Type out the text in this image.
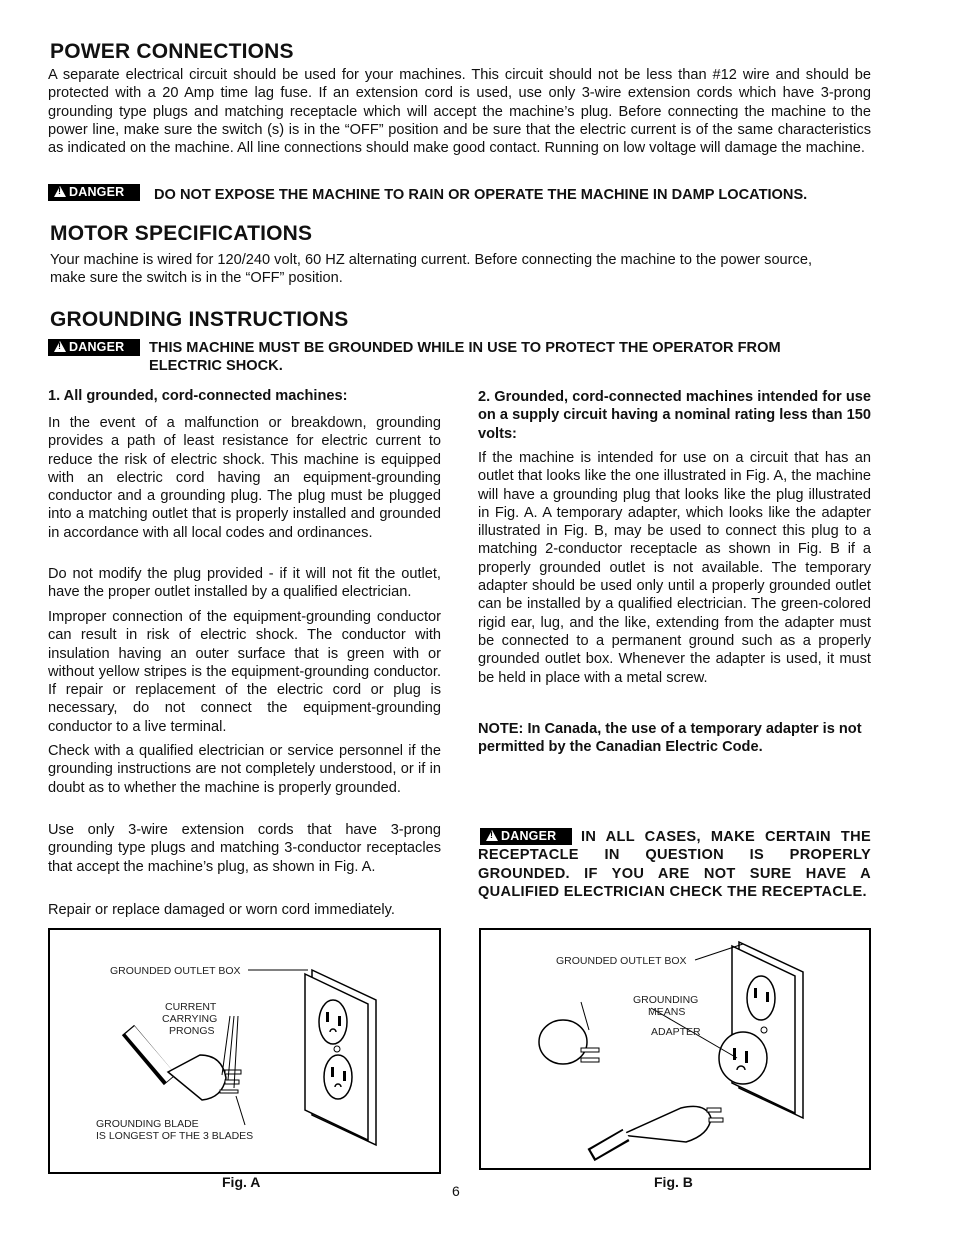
POWER CONNECTIONS

A separate electrical circuit should be used for your machines. This circuit should not be less than #12 wire and should be protected with a 20 Amp time lag fuse. If an extension cord is used, use only 3-wire extension cords which have 3-prong grounding type plugs and matching receptacle which will accept the machine’s plug. Before connecting the machine to the power line, make sure the switch (s) is in the “OFF” position and be sure that the electric current is of the same characteristics as indicated on the machine. All line connections should make good contact. Running on low voltage will damage the machine.

!DANGER	DO NOT EXPOSE THE MACHINE TO RAIN OR OPERATE THE MACHINE IN DAMP LOCATIONS.

MOTOR SPECIFICATIONS

Your machine is wired for 120/240 volt, 60 HZ alternating current. Before connecting the machine to the power source, make sure the switch is in the “OFF” position.

GROUNDING INSTRUCTIONS
!DANGER	THIS MACHINE MUST BE GROUNDED WHILE IN USE TO PROTECT THE OPERATOR FROM ELECTRIC SHOCK.

1. All grounded, cord-connected machines:

In the event of a malfunction or breakdown, grounding provides a path of least resistance for electric current to reduce the risk of electric shock. This machine is equipped with an electric cord having an equipment-grounding conductor and a grounding plug. The plug must be plugged into a matching outlet that is properly installed and grounded in accordance with all local codes and ordinances.

Do not modify the plug provided - if it will not fit the outlet, have the proper outlet installed by a qualified electrician.

Improper connection of the equipment-grounding conductor can result in risk of electric shock. The conductor with insulation having an outer surface that is green with or without yellow stripes is the equipment-grounding conductor. If repair or replacement of the electric cord or plug is necessary, do not connect the equipment-grounding conductor to a live terminal.

Check with a qualified electrician or service personnel if the grounding instructions are not completely understood, or if in doubt as to whether the machine is properly grounded.

Use only 3-wire extension cords that have 3-prong grounding type plugs and matching 3-conductor receptacles that accept the machine’s plug, as shown in Fig. A.

Repair or replace damaged or worn cord immediately.

2. Grounded, cord-connected machines intended for use on a supply circuit having a nominal rating less than 150 volts:

If the machine is intended for use on a circuit that has an outlet that looks like the one illustrated in Fig. A, the machine will have a grounding plug that looks like the plug illustrated in Fig. A. A temporary adapter, which looks like the adapter illustrated in Fig. B, may be used to connect this plug to a matching 2-conductor receptacle as shown in Fig. B if a properly grounded outlet is not available. The temporary adapter should be used only until a properly grounded outlet can be installed by a qualified electrician. The green-colored rigid ear, lug, and the like, extending from the adapter must be connected to a permanent ground such as a properly grounded outlet box. Whenever the adapter is used, it must be held in place with a metal screw.

NOTE: In Canada, the use of a temporary adapter is not permitted by the Canadian Electric Code.

!DANGER	IN ALL CASES, MAKE CERTAIN THE RECEPTACLE IN QUESTION IS PROPERLY GROUNDED. IF YOU ARE NOT SURE HAVE A QUALIFIED ELECTRICIAN CHECK THE RECEPTACLE.

GROUNDED OUTLET BOX
CURRENT
CARRYING
PRONGS
GROUNDING BLADE
IS LONGEST OF THE 3 BLADES
Fig. A
GROUNDED OUTLET BOX
GROUNDING
MEANS
ADAPTER
Fig. B
6
